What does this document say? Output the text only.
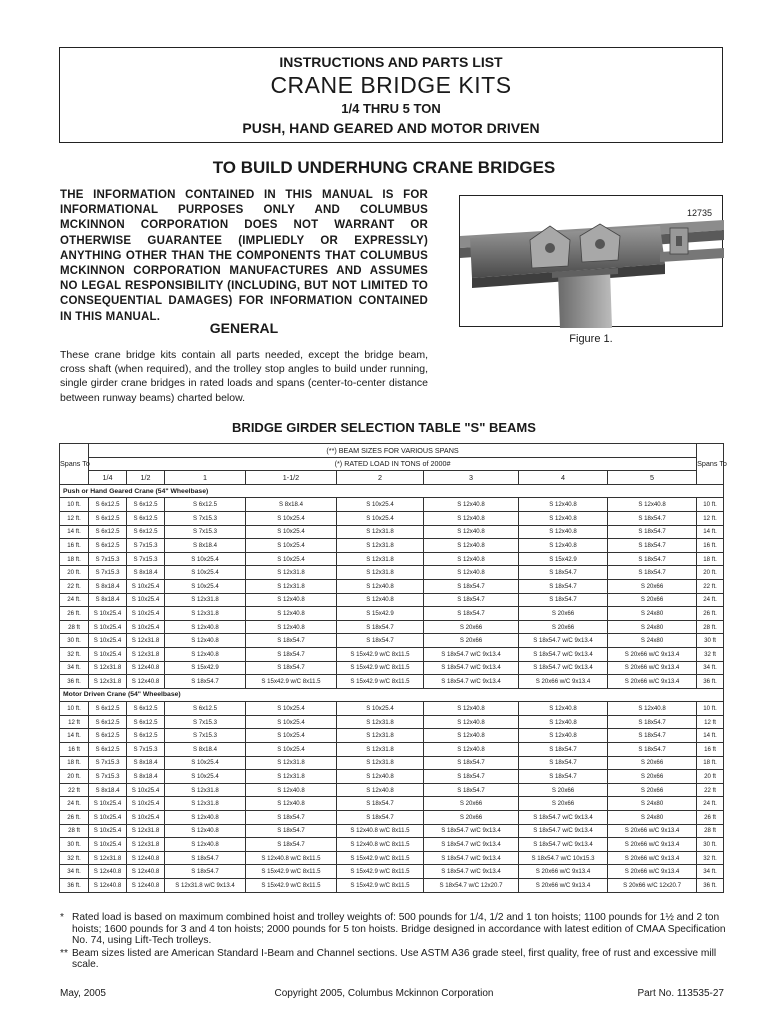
INSTRUCTIONS AND PARTS LIST
CRANE BRIDGE KITS
1/4 THRU 5 TON
PUSH, HAND GEARED AND MOTOR DRIVEN
TO BUILD UNDERHUNG CRANE BRIDGES
THE INFORMATION CONTAINED IN THIS MANUAL IS FOR INFORMATIONAL PURPOSES ONLY AND COLUMBUS MCKINNON CORPORATION DOES NOT WARRANT OR OTHERWISE GUARANTEE (IMPLIEDLY OR EXPRESSLY) ANYTHING OTHER THAN THE COMPONENTS THAT COLUMBUS MCKINNON CORPORATION MANUFACTURES AND ASSUMES NO LEGAL RESPONSIBILITY (INCLUDING, BUT NOT LIMITED TO CONSEQUENTIAL DAMAGES) FOR INFORMATION CONTAINED IN THIS MANUAL.
GENERAL
These crane bridge kits contain all parts needed, except the bridge beam, cross shaft (when required), and the trolley stop angles to build under running, single girder crane bridges in rated loads and spans (center-to-center distance between runway beams) charted below.
12735
Figure 1.
BRIDGE GIRDER SELECTION TABLE "S" BEAMS
Spans To	(**) BEAM SIZES FOR VARIOUS SPANS								Spans To
	(*) RATED LOAD IN TONS of 2000#								
	1/4	1/2	1	1-1/2	2	3	4	5	
Push or Hand Geared Crane (54" Wheelbase)									
10 ft.	S 6x12.5	S 6x12.5	S 6x12.5	S 8x18.4	S 10x25.4	S 12x40.8	S 12x40.8	S 12x40.8	10 ft.
12 ft.	S 6x12.5	S 6x12.5	S 7x15.3	S 10x25.4	S 10x25.4	S 12x40.8	S 12x40.8	S 18x54.7	12 ft.
14 ft.	S 6x12.5	S 6x12.5	S 7x15.3	S 10x25.4	S 12x31.8	S 12x40.8	S 12x40.8	S 18x54.7	14 ft.
16 ft.	S 6x12.5	S 7x15.3	S 8x18.4	S 10x25.4	S 12x31.8	S 12x40.8	S 12x40.8	S 18x54.7	16 ft.
18 ft.	S 7x15.3	S 7x15.3	S 10x25.4	S 10x25.4	S 12x31.8	S 12x40.8	S 15x42.9	S 18x54.7	18 ft.
20 ft.	S 7x15.3	S 8x18.4	S 10x25.4	S 12x31.8	S 12x31.8	S 12x40.8	S 18x54.7	S 18x54.7	20 ft.
22 ft.	S 8x18.4	S 10x25.4	S 10x25.4	S 12x31.8	S 12x40.8	S 18x54.7	S 18x54.7	S 20x66	22 ft.
24 ft.	S 8x18.4	S 10x25.4	S 12x31.8	S 12x40.8	S 12x40.8	S 18x54.7	S 18x54.7	S 20x66	24 ft.
26 ft.	S 10x25.4	S 10x25.4	S 12x31.8	S 12x40.8	S 15x42.9	S 18x54.7	S 20x66	S 24x80	26 ft.
28 ft	S 10x25.4	S 10x25.4	S 12x40.8	S 12x40.8	S 18x54.7	S 20x66	S 20x66	S 24x80	28 ft.
30 ft.	S 10x25.4	S 12x31.8	S 12x40.8	S 18x54.7	S 18x54.7	S 20x66	S 18x54.7 w/C 9x13.4	S 24x80	30 ft
32 ft.	S 10x25.4	S 12x31.8	S 12x40.8	S 18x54.7	S 15x42.9 w/C 8x11.5	S 18x54.7 w/C 9x13.4	S 18x54.7 w/C 9x13.4	S 20x66 w/C 9x13.4	32 ft
34 ft.	S 12x31.8	S 12x40.8	S 15x42.9	S 18x54.7	S 15x42.9 w/C 8x11.5	S 18x54.7 w/C 9x13.4	S 18x54.7 w/C 9x13.4	S 20x66 w/C 9x13.4	34 ft.
36 ft.	S 12x31.8	S 12x40.8	S 18x54.7	S 15x42.9 w/C 8x11.5	S 15x42.9 w/C 8x11.5	S 18x54.7 w/C 9x13.4	S 20x66 w/C 9x13.4	S 20x66 w/C 9x13.4	36 ft.
Motor Driven Crane (54" Wheelbase)									
10 ft.	S 6x12.5	S 6x12.5	S 6x12.5	S 10x25.4	S 10x25.4	S 12x40.8	S 12x40.8	S 12x40.8	10 ft.
12 ft	S 6x12.5	S 6x12.5	S 7x15.3	S 10x25.4	S 12x31.8	S 12x40.8	S 12x40.8	S 18x54.7	12 ft
14 ft.	S 6x12.5	S 6x12.5	S 7x15.3	S 10x25.4	S 12x31.8	S 12x40.8	S 12x40.8	S 18x54.7	14 ft.
16 ft	S 6x12.5	S 7x15.3	S 8x18.4	S 10x25.4	S 12x31.8	S 12x40.8	S 18x54.7	S 18x54.7	16 ft
18 ft.	S 7x15.3	S 8x18.4	S 10x25.4	S 12x31.8	S 12x31.8	S 18x54.7	S 18x54.7	S 20x66	18 ft.
20 ft.	S 7x15.3	S 8x18.4	S 10x25.4	S 12x31.8	S 12x40.8	S 18x54.7	S 18x54.7	S 20x66	20 ft
22 ft	S 8x18.4	S 10x25.4	S 12x31.8	S 12x40.8	S 12x40.8	S 18x54.7	S 20x66	S 20x66	22 ft
24 ft.	S 10x25.4	S 10x25.4	S 12x31.8	S 12x40.8	S 18x54.7	S 20x66	S 20x66	S 24x80	24 ft.
26 ft.	S 10x25.4	S 10x25.4	S 12x40.8	S 18x54.7	S 18x54.7	S 20x66	S 18x54.7 w/C 9x13.4	S 24x80	26 ft
28 ft	S 10x25.4	S 12x31.8	S 12x40.8	S 18x54.7	S 12x40.8 w/C 8x11.5	S 18x54.7 w/C 9x13.4	S 18x54.7 w/C 9x13.4	S 20x66 w/C 9x13.4	28 ft
30 ft.	S 10x25.4	S 12x31.8	S 12x40.8	S 18x54.7	S 12x40.8 w/C 8x11.5	S 18x54.7 w/C 9x13.4	S 18x54.7 w/C 9x13.4	S 20x66 w/C 9x13.4	30 ft.
32 ft.	S 12x31.8	S 12x40.8	S 18x54.7	S 12x40.8 w/C 8x11.5	S 15x42.9 w/C 8x11.5	S 18x54.7 w/C 9x13.4	S 18x54.7 w/C 10x15.3	S 20x66 w/C 9x13.4	32 ft.
34 ft.	S 12x40.8	S 12x40.8	S 18x54.7	S 15x42.9 w/C 8x11.5	S 15x42.9 w/C 8x11.5	S 18x54.7 w/C 9x13.4	S 20x66 w/C 9x13.4	S 20x66 w/C 9x13.4	34 ft.
36 ft.	S 12x40.8	S 12x40.8	S 12x31.8 w/C 9x13.4	S 15x42.9 w/C 8x11.5	S 15x42.9 w/C 8x11.5	S 18x54.7 w/C 12x20.7	S 20x66 w/C 9x13.4	S 20x66 w/C 12x20.7	36 ft.
* Rated load is based on maximum combined hoist and trolley weights of: 500 pounds for 1/4, 1/2 and 1 ton hoists; 1100 pounds for 1½ and 2 ton hoists; 1600 pounds for 3 and 4 ton hoists; 2000 pounds for 5 ton hoists. Bridge designed in accordance with latest edition of CMAA Specification No. 74, using Lift-Tech trolleys.
** Beam sizes listed are American Standard I-Beam and Channel sections. Use ASTM A36 grade steel, first quality, free of rust and excessive mill scale.
May, 2005	Copyright 2005, Columbus Mckinnon Corporation	Part No. 113535-27
